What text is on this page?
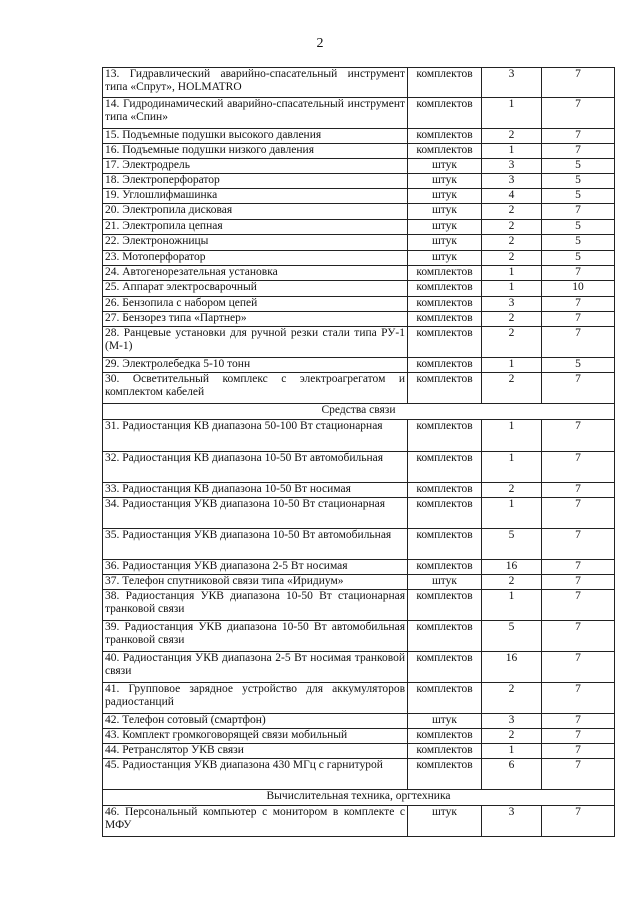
2
13. Гидравлический аварийно-спасательный инструмент типа «Спрут», HOLMATRO	комплектов	3	7
14. Гидродинамический аварийно-спасательный инструмент типа «Спин»	комплектов	1	7
15. Подъемные подушки высокого давления	комплектов	2	7
16. Подъемные подушки низкого давления	комплектов	1	7
17. Электродрель	штук	3	5
18. Электроперфоратор	штук	3	5
19. Углошлифмашинка	штук	4	5
20. Электропила дисковая	штук	2	7
21. Электропила цепная	штук	2	5
22. Электроножницы	штук	2	5
23. Мотоперфоратор	штук	2	5
24. Автогенорезательная установка	комплектов	1	7
25. Аппарат электросварочный	комплектов	1	10
26. Бензопила с набором цепей	комплектов	3	7
27. Бензорез типа «Партнер»	комплектов	2	7
28. Ранцевые установки для ручной резки стали типа РУ-1 (М-1)	комплектов	2	7
29. Электролебедка 5-10 тонн	комплектов	1	5
30. Осветительный комплекс с электроагрегатом и комплектом кабелей	комплектов	2	7
Средства связи			
31. Радиостанция КВ диапазона 50-100 Вт стационарная	комплектов	1	7
32. Радиостанция КВ диапазона 10-50 Вт автомобильная	комплектов	1	7
33. Радиостанция КВ диапазона 10-50 Вт носимая	комплектов	2	7
34. Радиостанция УКВ диапазона 10-50 Вт стационарная	комплектов	1	7
35. Радиостанция УКВ диапазона 10-50 Вт автомобильная	комплектов	5	7
36. Радиостанция УКВ диапазона 2-5 Вт носимая	комплектов	16	7
37. Телефон спутниковой связи типа «Иридиум»	штук	2	7
38. Радиостанция УКВ диапазона 10-50 Вт стационарная транковой связи	комплектов	1	7
39. Радиостанция УКВ диапазона 10-50 Вт автомобильная транковой связи	комплектов	5	7
40. Радиостанция УКВ диапазона 2-5 Вт носимая транковой связи	комплектов	16	7
41. Групповое зарядное устройство для аккумуляторов радиостанций	комплектов	2	7
42. Телефон сотовый (смартфон)	штук	3	7
43. Комплект громкоговорящей связи мобильный	комплектов	2	7
44. Ретранслятор УКВ связи	комплектов	1	7
45. Радиостанция УКВ диапазона 430 МГц с гарнитурой	комплектов	6	7
Вычислительная техника, оргтехника			
46. Персональный компьютер с монитором в комплекте с МФУ	штук	3	7
